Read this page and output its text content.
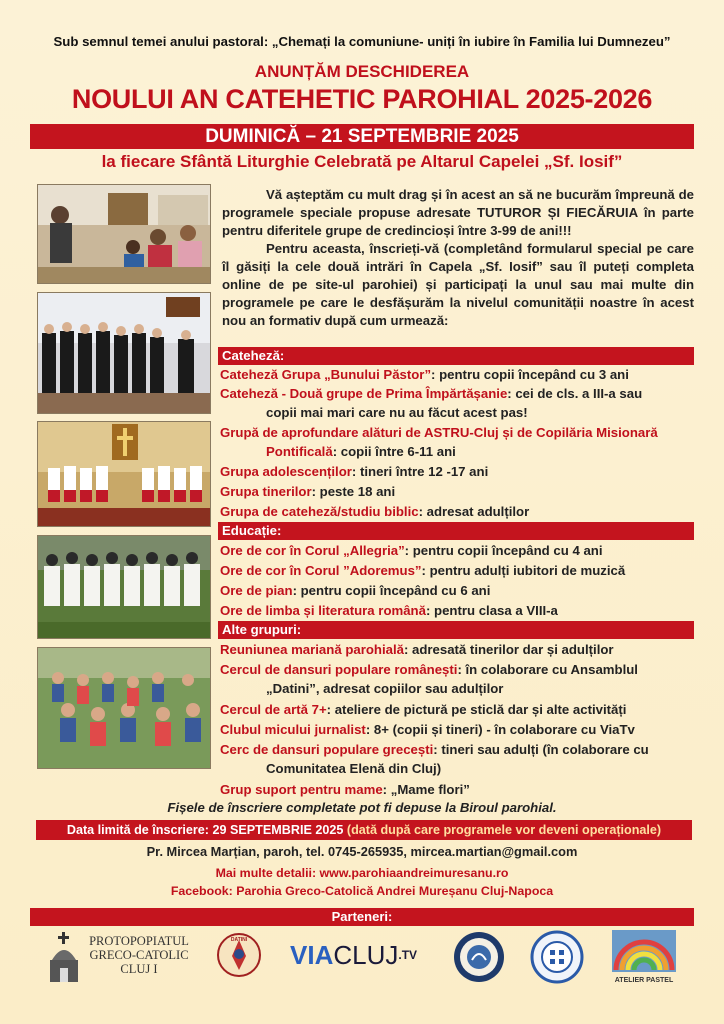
Sub semnul temei anului pastoral: „Chemați la comuniune- uniți în iubire în Familia lui Dumnezeu”
ANUNȚĂM DESCHIDEREA
NOULUI AN CATEHETIC PAROHIAL 2025-2026
DUMINICĂ – 21 SEPTEMBRIE 2025
la fiecare Sfântă Liturghie Celebrată pe Altarul Capelei „Sf. Iosif”

Vă așteptăm cu mult drag și în acest an să ne bucurăm împreună de programele speciale propuse adresate TUTUROR ȘI FIECĂRUIA în parte pentru diferitele grupe de credincioși între 3-99 de ani!!!

Pentru aceasta, înscrieți-vă (completând formularul special pe care îl găsiți la cele două intrări în Capela „Sf. Iosif” sau îl puteți completa online de pe site-ul parohiei) și participați la unul sau mai multe din programele pe care le desfășurăm la nivelul comunității noastre în acest nou an formativ după cum urmează:

Cateheză:
Cateheză Grupa „Bunului Păstor”: pentru copii începând cu 3 ani
Cateheză - Două grupe de Prima Împărtășanie: cei de cls. a III-a sau
copii mai mari care nu au făcut acest pas!
Grupă de aprofundare alături de ASTRU-Cluj și de Copilăria Misionară
Pontificală: copii între 6-11 ani
Grupa adolescenților: tineri între 12 -17 ani
Grupa tinerilor: peste 18 ani
Grupa de cateheză/studiu biblic: adresat adulților
Educație:
Ore de cor în Corul „Allegria”: pentru copii începând cu 4 ani
Ore de cor în Corul ”Adoremus”: pentru adulți iubitori de muzică
Ore de pian: pentru copii începând cu 6 ani
Ore de limba și literatura română: pentru clasa a VIII-a
Alte grupuri:
Reuniunea mariană parohială: adresată tinerilor dar și adulților
Cercul de dansuri populare românești: în colaborare cu Ansamblul
„Datini”, adresat copiilor sau adulților
Cercul de artă 7+: ateliere de pictură pe sticlă dar și alte activități
Clubul micului jurnalist: 8+ (copii și tineri) - în colaborare cu ViaTv
Cerc de dansuri populare grecești: tineri sau adulți (în colaborare cu
Comunitatea Elenă din Cluj)
Grup suport pentru mame: „Mame flori”
Fișele de înscriere completate pot fi depuse la Biroul parohial.
Data limită de înscriere: 29 SEPTEMBRIE 2025 (dată după care programele vor deveni operaționale)
Pr. Mircea Marțian, paroh, tel. 0745-265935, mircea.martian@gmail.com
Mai multe detalii: www.parohiaandreimuresanu.ro
Facebook: Parohia Greco-Catolică Andrei Mureșanu Cluj-Napoca
Parteneri:
PROTOPOPIATUL
GRECO-CATOLIC
CLUJ I
DATINI	$VIACLUJ^{.TV}$
ATELIER PASTEL
